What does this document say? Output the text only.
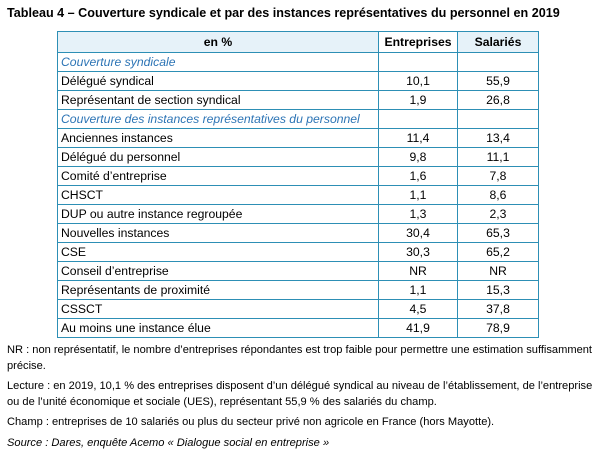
Tableau 4 – Couverture syndicale et par des instances représentatives du personnel en 2019
en %	Entreprises	Salariés
Couverture syndicale		
Délégué syndical	10,1	55,9
Représentant de section syndical	1,9	26,8
Couverture des instances représentatives du personnel		
Anciennes instances	11,4	13,4
Délégué du personnel	9,8	11,1
Comité d’entreprise	1,6	7,8
CHSCT	1,1	8,6
DUP ou autre instance regroupée	1,3	2,3
Nouvelles instances	30,4	65,3
CSE	30,3	65,2
Conseil d’entreprise	NR	NR
Représentants de proximité	1,1	15,3
CSSCT	4,5	37,8
Au moins une instance élue	41,9	78,9

NR : non représentatif, le nombre d’entreprises répondantes est trop faible pour permettre une estimation suffisamment précise.

Lecture : en 2019, 10,1 % des entreprises disposent d’un délégué syndical au niveau de l’établissement, de l’entreprise ou de l’unité économique et sociale (UES), représentant 55,9 % des salariés du champ.

Champ : entreprises de 10 salariés ou plus du secteur privé non agricole en France (hors Mayotte).

Source : Dares, enquête Acemo « Dialogue social en entreprise »
